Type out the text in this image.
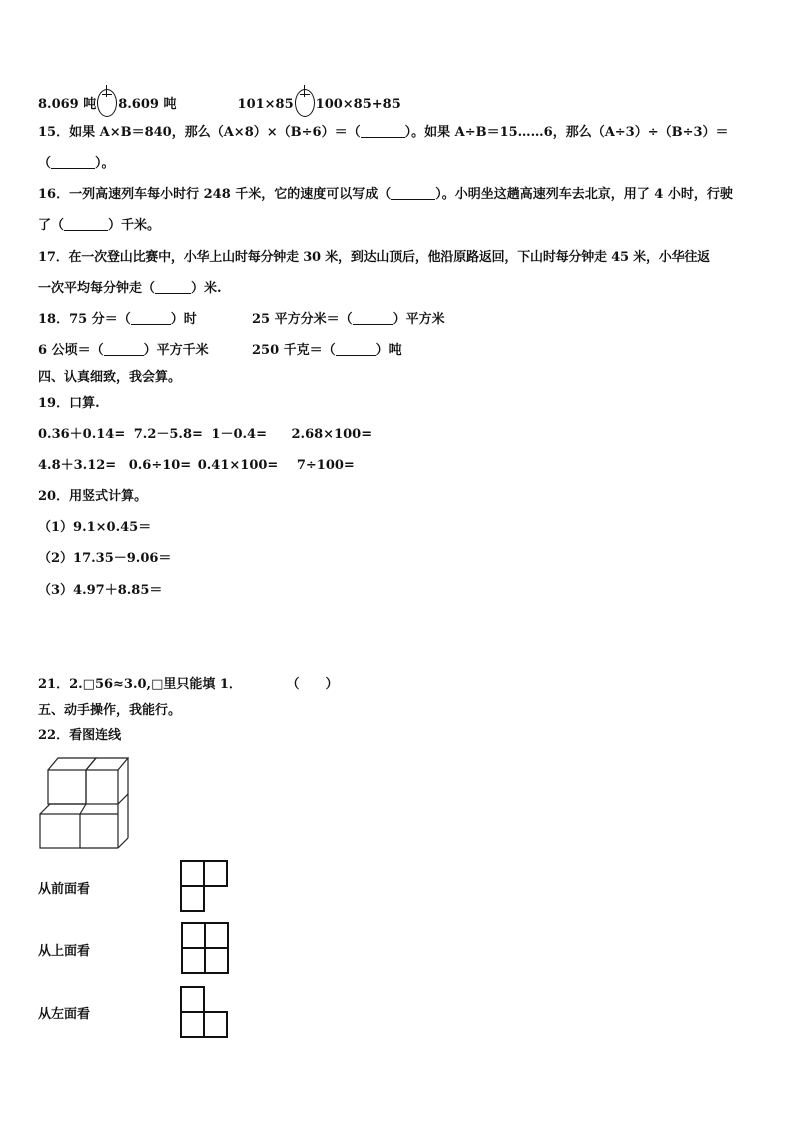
8.069 吨 8.609 吨	101×85 100×85+85
15．如果 A×B＝840，那么（A×8）×（B÷6）＝（	）。如果 A÷B＝15……6，那么（A÷3）÷（B÷3）＝
（	）。
16．一列高速列车每小时行 248 千米，它的速度可以写成（	）。小明坐这趟高速列车去北京，用了 4 小时，行驶
了（	）千米。
17．在一次登山比赛中，小华上山时每分钟走 30 米，到达山顶后，他沿原路返回，下山时每分钟走 45 米，小华往返
一次平均每分钟走（	）米.
18．75 分＝（	）时	25 平方分米＝（	）平方米
6 公顷＝（	）平方千米	250 千克＝（	）吨
四、认真细致，我会算。
19．口算.
0.36＋0.14= 7.2－5.8= 1－0.4= 2.68×100=
4.8＋3.12= 0.6÷10= 0.41×100= 7÷100=
20．用竖式计算。
（1）9.1×0.45＝
（2）17.35－9.06＝
（3）4.97＋8.85＝
21．2.□56≈3.0,□里只能填 1．	（　　）
五、动手操作，我能行。
22．看图连线
从前面看
从上面看
从左面看
